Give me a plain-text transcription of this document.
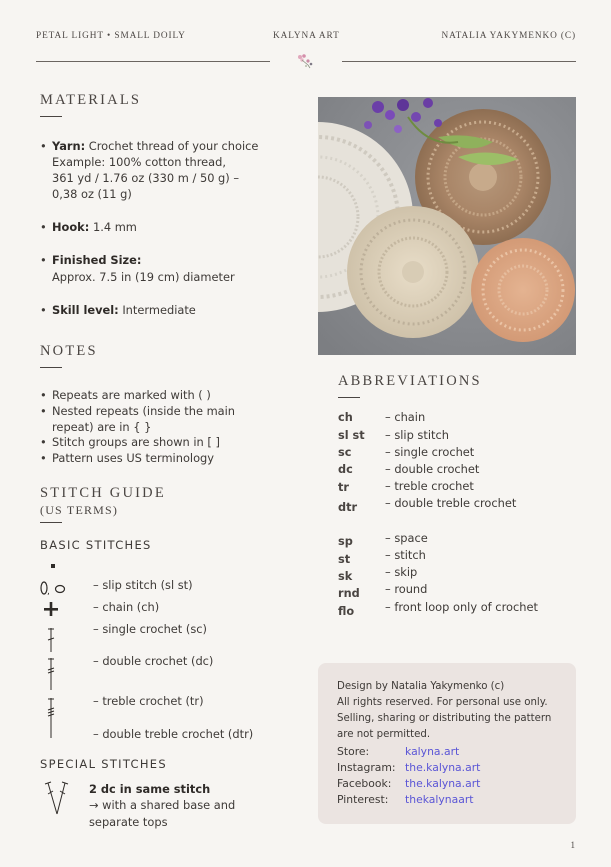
PETAL LIGHT • SMALL DOILY	KALYNA ART	NATALIA YAKYMENKO (C)
MATERIALS
• Yarn: Crochet thread of your choice
Example: 100% cotton thread,
361 yd / 1.76 oz (330 m / 50 g) –
0,38 oz (11 g)
• Hook: 1.4 mm
• Finished Size:
Approx. 7.5 in (19 cm) diameter
• Skill level: Intermediate
NOTES
• Repeats are marked with ( )
• Nested repeats (inside the main
repeat) are in { }
• Stitch groups are shown in [ ]
• Pattern uses US terminology
STITCH GUIDE
(US TERMS)
BASIC STITCHES
,	– slip stitch (sl st)
– chain (ch)
– single crochet (sc)
– double crochet (dc)
– treble crochet (tr)
– double treble crochet (dtr)
SPECIAL STITCHES
2 dc in same stitch
→ with a shared base and
separate tops
ABBREVIATIONS
ch	– chain
sl st – slip stitch
sc	– single crochet
dc	– double crochet
tr	– treble crochet
dtr – double treble crochet
sp	– space
st	– stitch
sk	– skip
rnd – round
flo	– front loop only of crochet
Design by Natalia Yakymenko (c)
All rights reserved. For personal use only.
Selling, sharing or distributing the pattern
are not permitted.
Store:	kalyna.art
Instagram: the.kalyna.art
Facebook: the.kalyna.art
Pinterest: thekalynaart
1
